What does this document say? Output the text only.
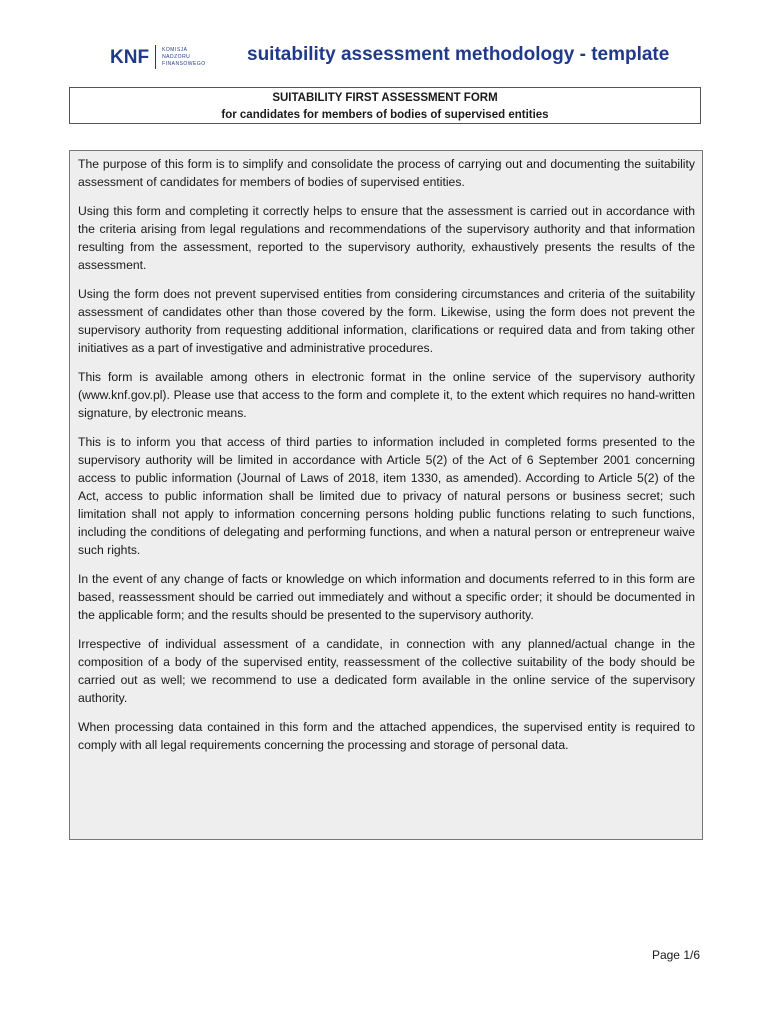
KNF	KOMISJA
NADZORU
FINANSOWEGO suitability assessment methodology - template
SUITABILITY FIRST ASSESSMENT FORM
for candidates for members of bodies of supervised entities

The purpose of this form is to simplify and consolidate the process of carrying out and documenting the suitability assessment of candidates for members of bodies of supervised entities.

Using this form and completing it correctly helps to ensure that the assessment is carried out in accordance with the criteria arising from legal regulations and recommendations of the supervisory authority and that information resulting from the assessment, reported to the supervisory authority, exhaustively presents the results of the assessment.

Using the form does not prevent supervised entities from considering circumstances and criteria of the suitability assessment of candidates other than those covered by the form. Likewise, using the form does not prevent the supervisory authority from requesting additional information, clarifications or required data and from taking other initiatives as a part of investigative and administrative procedures.

This form is available among others in electronic format in the online service of the supervisory authority (www.knf.gov.pl). Please use that access to the form and complete it, to the extent which requires no hand-written signature, by electronic means.

This is to inform you that access of third parties to information included in completed forms presented to the supervisory authority will be limited in accordance with Article 5(2) of the Act of 6 September 2001 concerning access to public information (Journal of Laws of 2018, item 1330, as amended). According to Article 5(2) of the Act, access to public information shall be limited due to privacy of natural persons or business secret; such limitation shall not apply to information concerning persons holding public functions relating to such functions, including the conditions of delegating and performing functions, and when a natural person or entrepreneur waive such rights.

In the event of any change of facts or knowledge on which information and documents referred to in this form are based, reassessment should be carried out immediately and without a specific order; it should be documented in the applicable form; and the results should be presented to the supervisory authority.

Irrespective of individual assessment of a candidate, in connection with any planned/actual change in the composition of a body of the supervised entity, reassessment of the collective suitability of the body should be carried out as well; we recommend to use a dedicated form available in the online service of the supervisory authority.

When processing data contained in this form and the attached appendices, the supervised entity is required to comply with all legal requirements concerning the processing and storage of personal data.

Page 1/6
